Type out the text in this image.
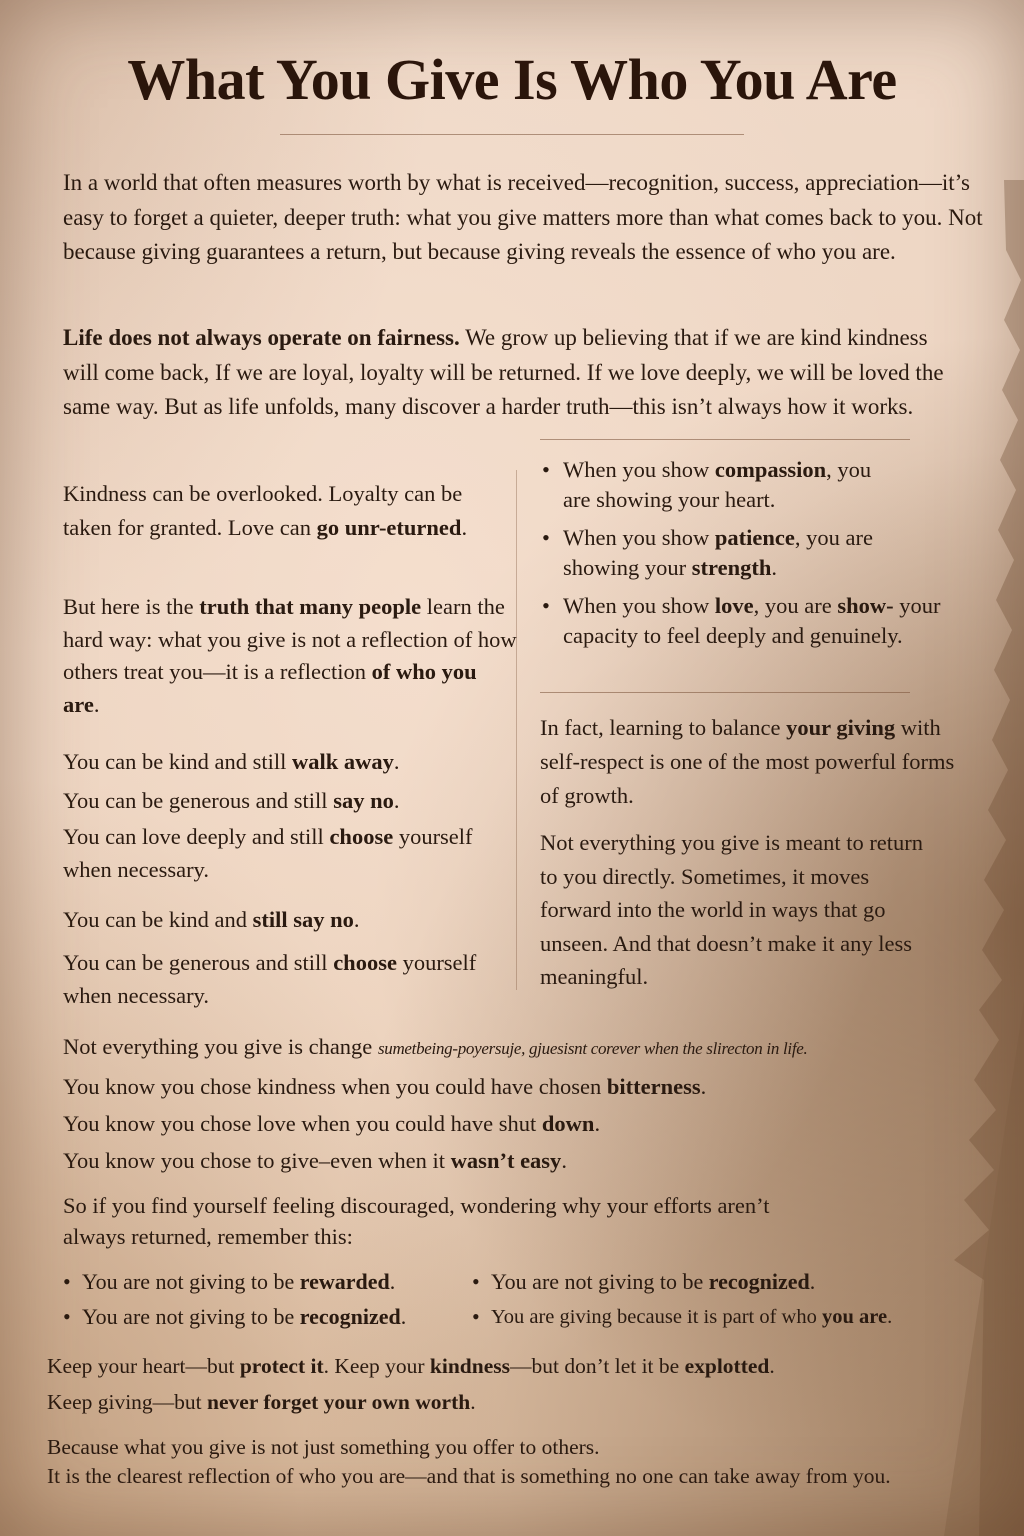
What You Give Is Who You Are

In a world that often measures worth by what is received—recognition, success, appreciation—it’s easy to forget a quieter, deeper truth: what you give matters more than what comes back to you. Not because giving guarantees a return, but because giving reveals the essence of who you are.

Life does not always operate on fairness. We grow up believing that if we are kind kindness will come back, If we are loyal, loyalty will be returned. If we love deeply, we will be loved the same way. But as life unfolds, many discover a harder truth—this isn’t always how it works.

Kindness can be overlooked. Loyalty can be taken for granted. Love can go unr-eturned.

But here is the truth that many people learn the hard way: what you give is not a reflection of how others treat you—it is a reflection of who you are.

You can be kind and still walk away.

You can be generous and still say no.

You can love deeply and still choose yourself when necessary.

You can be kind and still say no.

You can be generous and still choose yourself when necessary.

• When you show compassion, you are showing your heart.
• When you show patience, you are showing your strength.
• When you show love, you are show- your capacity to feel deeply and genuinely.

In fact, learning to balance your giving with self-respect is one of the most powerful forms of growth.

Not everything you give is meant to return to you directly. Sometimes, it moves forward into the world in ways that go unseen. And that doesn’t make it any less meaningful.

Not everything you give is change sumetbeing-poyersuje, gjuesisnt corever when the slirecton in life.

You know you chose kindness when you could have chosen bitterness.

You know you chose love when you could have shut down.

You know you chose to give–even when it wasn’t easy.

So if you find yourself feeling discouraged, wondering why your efforts aren’t always returned, remember this:

• You are not giving to be rewarded.	• You are not giving to be recognized.
• You are not giving to be recognized.	• You are giving because it is part of who you are.

Keep your heart—but protect it. Keep your kindness—but don’t let it be explotted.

Keep giving—but never forget your own worth.

Because what you give is not just something you offer to others.

It is the clearest reflection of who you are—and that is something no one can take away from you.
